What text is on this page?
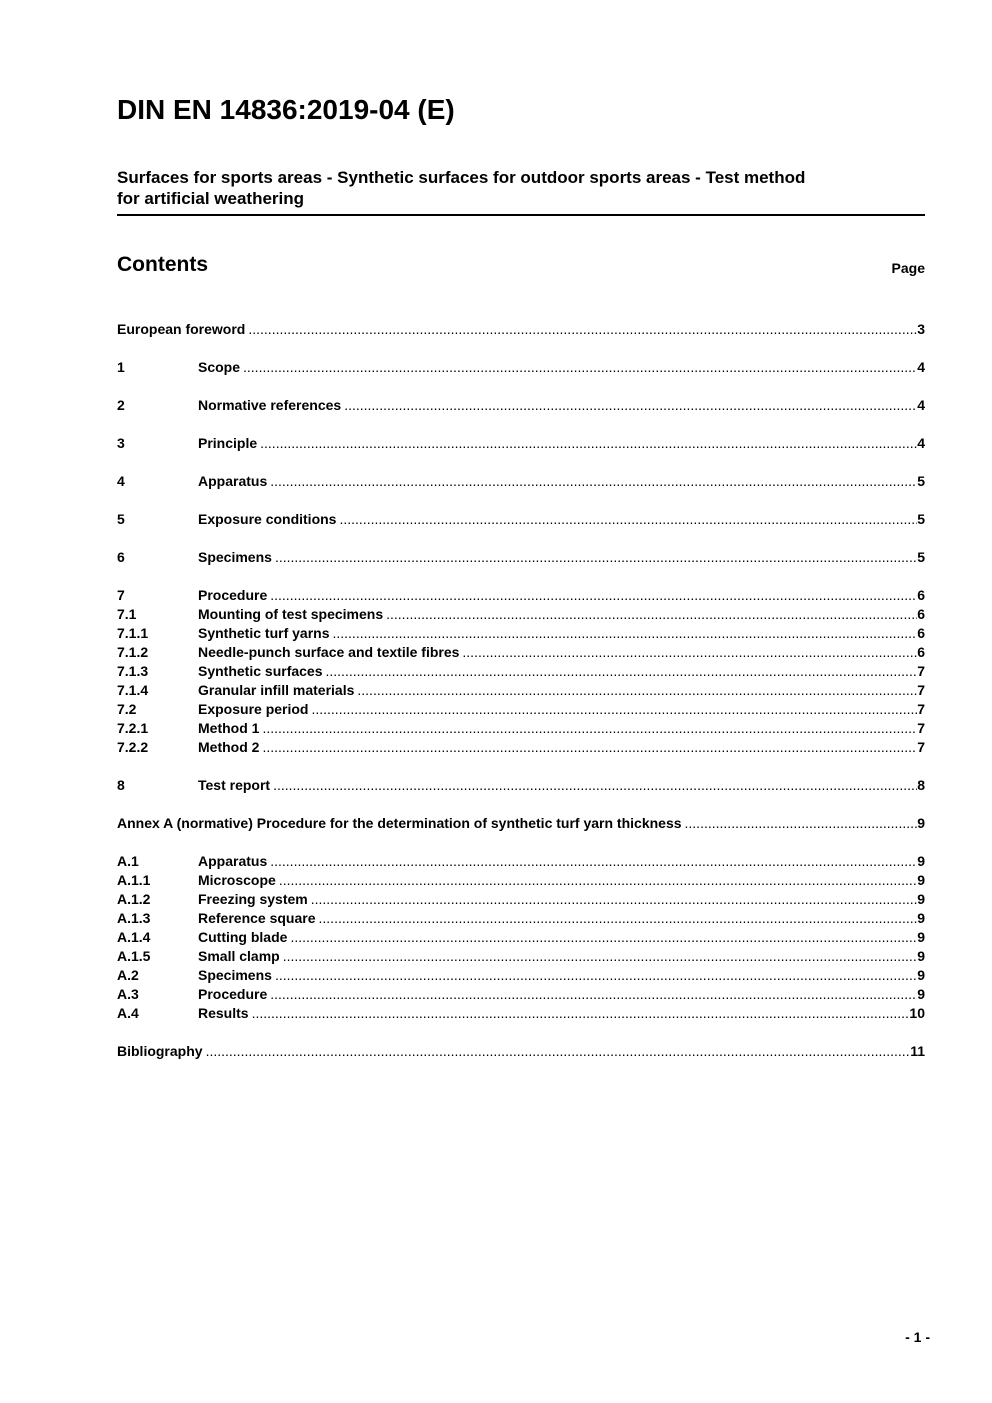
DIN EN 14836:2019-04 (E)
Surfaces for sports areas - Synthetic surfaces for outdoor sports areas - Test method
for artificial weathering
Contents	Page
European foreword .....	3
1	Scope .....	4
2	Normative references .....	4
3	Principle .....	4
4	Apparatus .....	5
5	Exposure conditions .....	5
6	Specimens .....	5
7	Procedure .....	6
7.1	Mounting of test specimens .....	6
7.1.1	Synthetic turf yarns .....	6
7.1.2	Needle-punch surface and textile fibres .....	6
7.1.3	Synthetic surfaces .....	7
7.1.4	Granular infill materials .....	7
7.2	Exposure period .....	7
7.2.1	Method 1 .....	7
7.2.2	Method 2 .....	7
8	Test report .....	8
Annex A (normative) Procedure for the determination of synthetic turf yarn thickness .....	9
A.1	Apparatus .....	9
A.1.1	Microscope .....	9
A.1.2	Freezing system .....	9
A.1.3	Reference square .....	9
A.1.4	Cutting blade .....	9
A.1.5	Small clamp .....	9
A.2	Specimens .....	9
A.3	Procedure .....	9
A.4	Results .....	10
Bibliography .....	11
- 1 -
